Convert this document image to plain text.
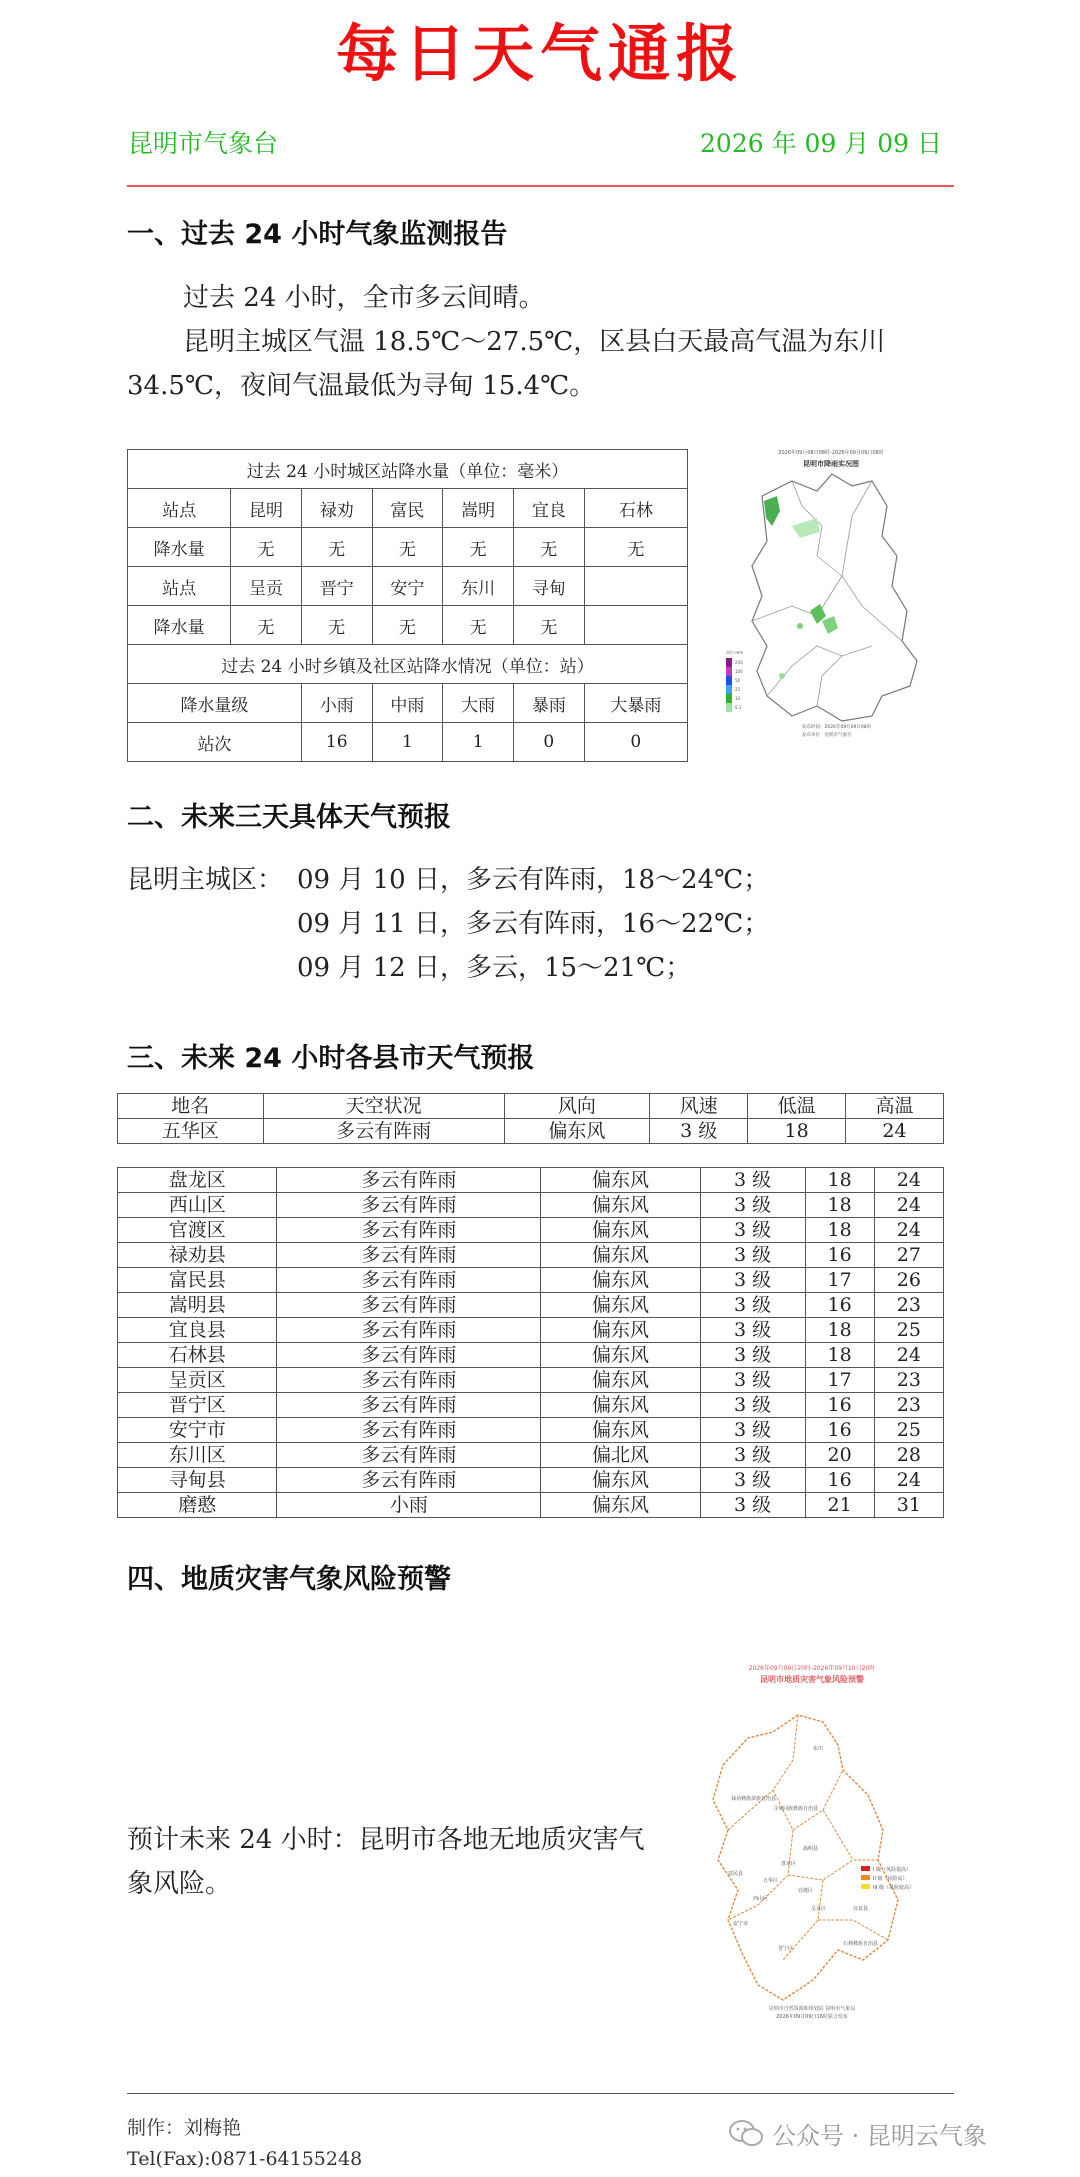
每日天气通报
昆明市气象台	2026 年 09 月 09 日
一、过去 24 小时气象监测报告
过去 24 小时，全市多云间晴。
昆明主城区气温 18.5℃～27.5℃，区县白天最高气温为东川
34.5℃，夜间气温最低为寻甸 15.4℃。
过去 24 小时城区站降水量（单位：毫米）						
站点	昆明	禄劝	富民	嵩明	宜良	石林
降水量	无	无	无	无	无	无
站点	呈贡	晋宁	安宁	东川	寻甸	
降水量	无	无	无	无	无	
过去 24 小时乡镇及社区站降水情况（单位：站）						
降水量级		小雨	中雨	大雨	暴雨	大暴雨
站次		16	1	1	0	0
2026年09月08日08时-2026年09月09日08时
昆明市降雨实况图
单位:mm
250
100
50
25
10
0.1
发布时间：2026年09月09日08时
发布单位：昆明市气象台
二、未来三天具体天气预报
昆明主城区： 09 月 10 日，多云有阵雨，18～24℃；
09 月 11 日，多云有阵雨，16～22℃；
09 月 12 日，多云，15～21℃；
三、未来 24 小时各县市天气预报
地名	天空状况	风向	风速	低温	高温
五华区	多云有阵雨	偏东风	3 级	18	24
盘龙区	多云有阵雨	偏东风	3 级	18	24
西山区	多云有阵雨	偏东风	3 级	18	24
官渡区	多云有阵雨	偏东风	3 级	18	24
禄劝县	多云有阵雨	偏东风	3 级	16	27
富民县	多云有阵雨	偏东风	3 级	17	26
嵩明县	多云有阵雨	偏东风	3 级	16	23
宜良县	多云有阵雨	偏东风	3 级	18	25
石林县	多云有阵雨	偏东风	3 级	18	24
呈贡区	多云有阵雨	偏东风	3 级	17	23
晋宁区	多云有阵雨	偏东风	3 级	16	23
安宁市	多云有阵雨	偏东风	3 级	16	25
东川区	多云有阵雨	偏北风	3 级	20	28
寻甸县	多云有阵雨	偏东风	3 级	16	24
磨憨	小雨	偏东风	3 级	21	31
四、地质灾害气象风险预警
预计未来 24 小时：昆明市各地无地质灾害气
象风险。
2026年09月09日20时-2026年09月10日20时
昆明市地质灾害气象风险预警
东川
禄劝彝族苗族自治县
寻甸回族彝族自治县
富民县
嵩明县
盘龙区
五华区
西山区
官渡区
安宁市
呈贡区	宜良县
晋宁区
石林彝族自治县
I 级（风险很高）
II 级（风险高）
III 级（风险较高）
昆明市自然资源和规划局 昆明市气象局
2026年09月09日16时联合发布
制作：刘梅艳
Tel(Fax):0871-64155248
公众号 · 昆明云气象
